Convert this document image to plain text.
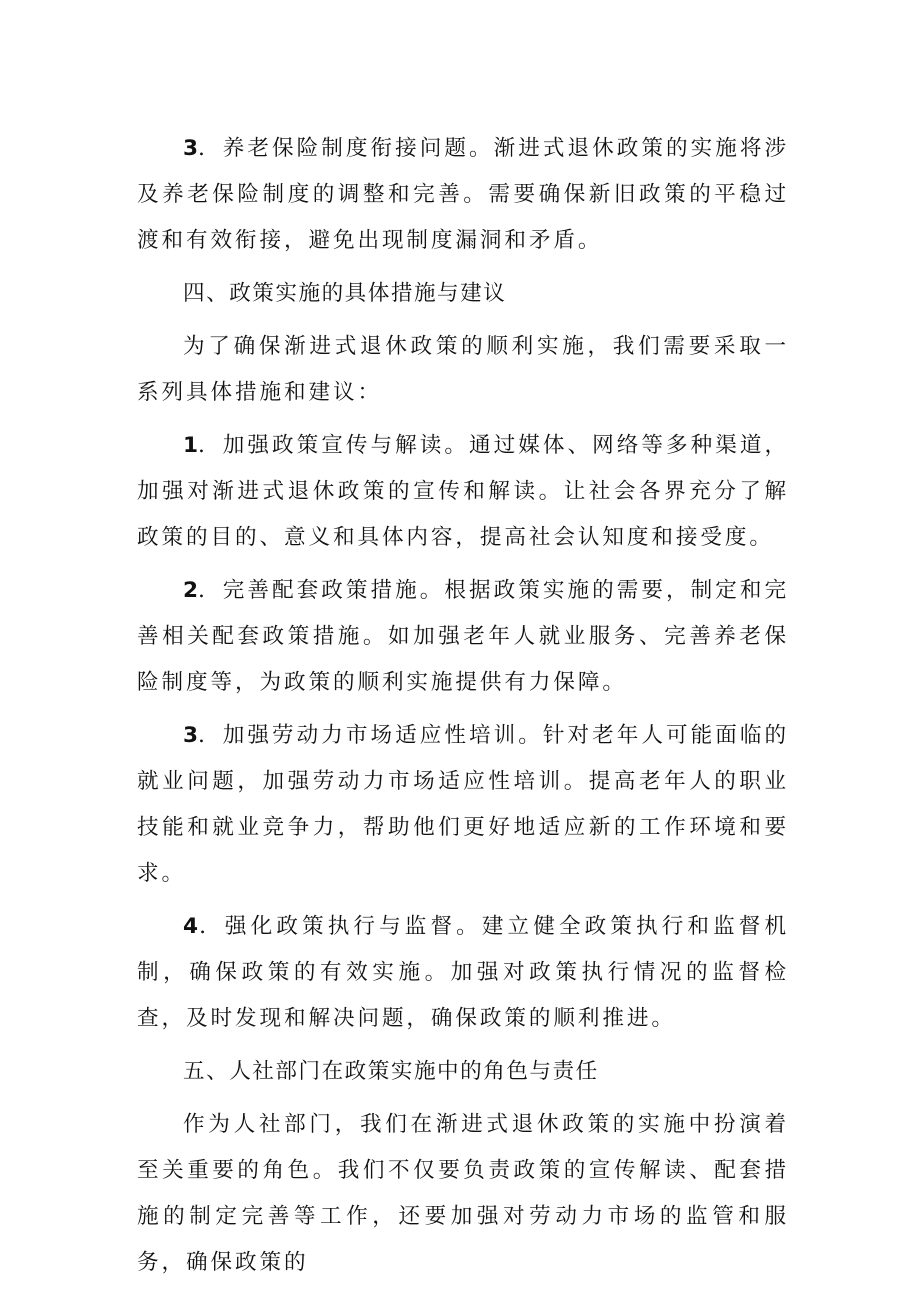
3．养老保险制度衔接问题。渐进式退休政策的实施将涉及养老保险制度的调整和完善。需要确保新旧政策的平稳过渡和有效衔接，避免出现制度漏洞和矛盾。

四、政策实施的具体措施与建议

为了确保渐进式退休政策的顺利实施，我们需要采取一系列具体措施和建议：

1．加强政策宣传与解读。通过媒体、网络等多种渠道，加强对渐进式退休政策的宣传和解读。让社会各界充分了解政策的目的、意义和具体内容，提高社会认知度和接受度。

2．完善配套政策措施。根据政策实施的需要，制定和完善相关配套政策措施。如加强老年人就业服务、完善养老保险制度等，为政策的顺利实施提供有力保障。

3．加强劳动力市场适应性培训。针对老年人可能面临的就业问题，加强劳动力市场适应性培训。提高老年人的职业技能和就业竞争力，帮助他们更好地适应新的工作环境和要求。

4．强化政策执行与监督。建立健全政策执行和监督机制，确保政策的有效实施。加强对政策执行情况的监督检查，及时发现和解决问题，确保政策的顺利推进。

五、人社部门在政策实施中的角色与责任

作为人社部门，我们在渐进式退休政策的实施中扮演着至关重要的角色。我们不仅要负责政策的宣传解读、配套措施的制定完善等工作，还要加强对劳动力市场的监管和服务，确保政策的
